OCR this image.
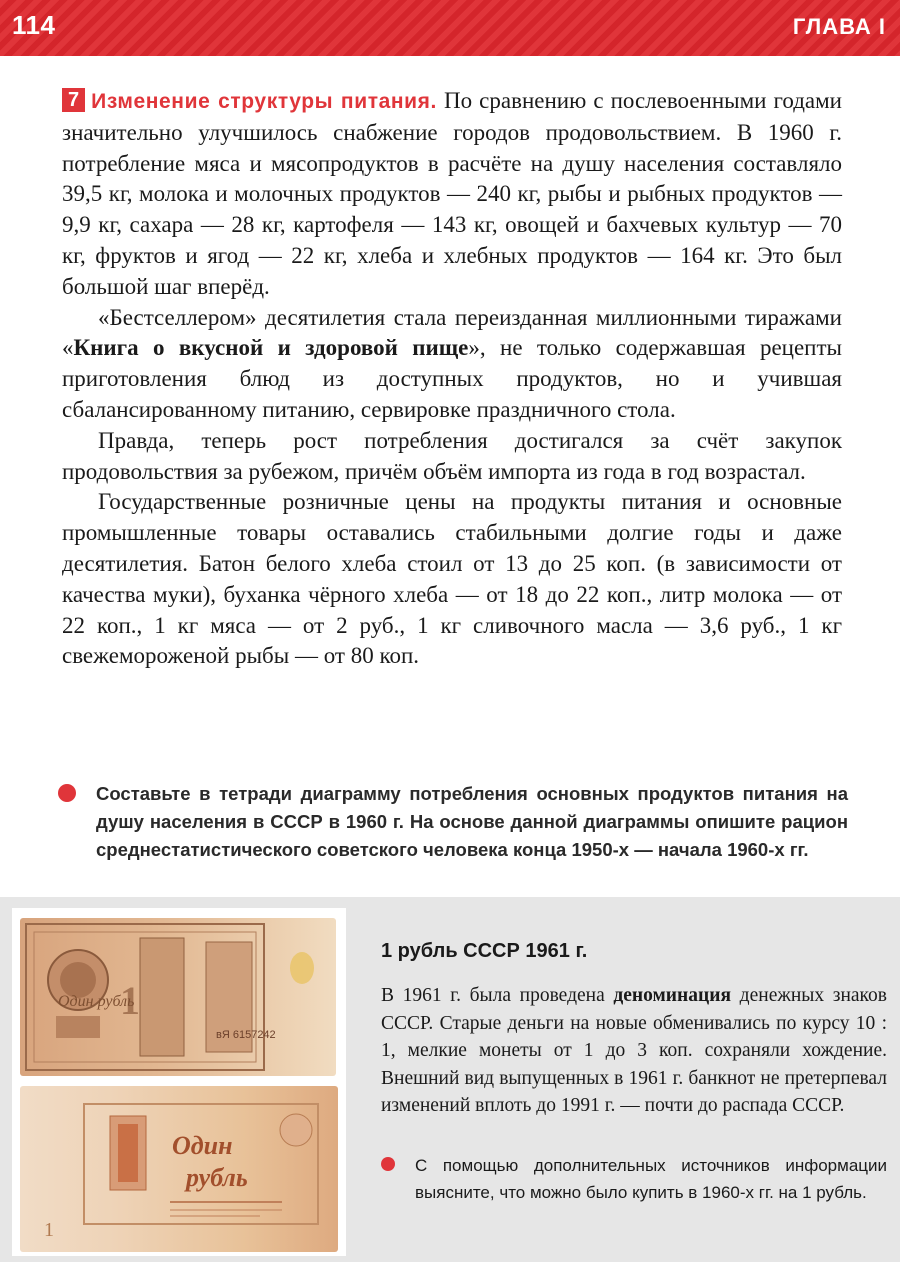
114	ГЛАВА I

7 Изменение структуры питания. По сравнению с послевоенными годами значительно улучшилось снабжение городов продовольствием. В 1960 г. потребление мяса и мясопродуктов в расчёте на душу населения составляло 39,5 кг, молока и молочных продуктов — 240 кг, рыбы и рыбных продуктов — 9,9 кг, сахара — 28 кг, картофеля — 143 кг, овощей и бахчевых культур — 70 кг, фруктов и ягод — 22 кг, хлеба и хлебных продуктов — 164 кг. Это был большой шаг вперёд.

«Бестселлером» десятилетия стала переизданная миллионными тиражами «Книга о вкусной и здоровой пище», не только содержавшая рецепты приготовления блюд из доступных продуктов, но и учившая сбалансированному питанию, сервировке праздничного стола.

Правда, теперь рост потребления достигался за счёт закупок продовольствия за рубежом, причём объём импорта из года в год возрастал.

Государственные розничные цены на продукты питания и основные промышленные товары оставались стабильными долгие годы и даже десятилетия. Батон белого хлеба стоил от 13 до 25 коп. (в зависимости от качества муки), буханка чёрного хлеба — от 18 до 22 коп., литр молока — от 22 коп., 1 кг мяса — от 2 руб., 1 кг сливочного масла — 3,6 руб., 1 кг свежемороженой рыбы — от 80 коп.

Составьте в тетради диаграмму потребления основных продуктов питания на душу населения в СССР в 1960 г. На основе данной диаграммы опишите рацион среднестатистического советского человека конца 1950-х — начала 1960-х гг.
1
Один рубль
вЯ 6157242
Один
рубль
1
1 рубль СССР 1961 г.
В 1961 г. была проведена деноминация денежных знаков СССР. Старые деньги на новые обменивались по курсу 10 : 1, мелкие монеты от 1 до 3 коп. сохраняли хождение. Внешний вид выпущенных в 1961 г. банкнот не претерпевал изменений вплоть до 1991 г. — почти до распада СССР.
С помощью дополнительных источников информации выясните, что можно было купить в 1960-х гг. на 1 рубль.
